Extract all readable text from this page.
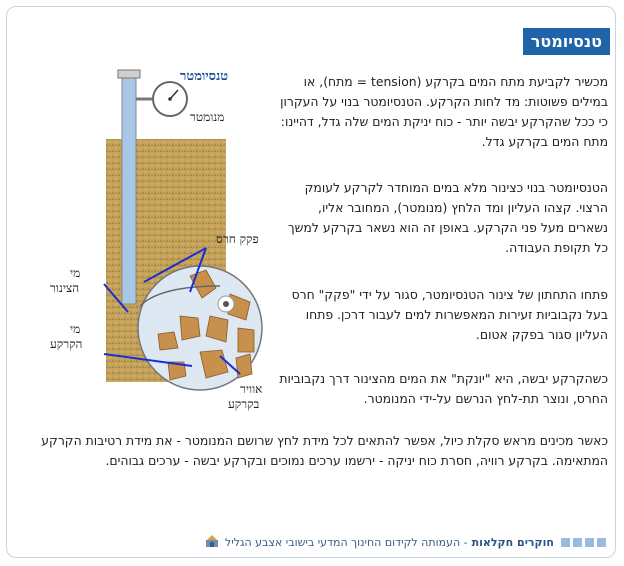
טנסיומטר
מכשיר לקביעת מתח המים בקרקע (tension = מתח), או במילים פשוטות: מד לחות הקרקע. הטנסיומטר בנוי על העקרון כי ככל שהקרקע יבשה יותר - כוח יניקת המים שלה גדל, דהיינו: מתח המים בקרקע גדל.
הטנסיומטר בנוי כצינור מלא במים המוחדר לקרקע לעומק הרצוי. קצהו העליון ומד הלחץ (מנומטר), המחובר אליו, נשארים מעל פני הקרקע. באופן זה הוא נשאר בקרקע למשך כל תקופת העבודה.
פתחו התחתון של צינור הטנסיומטר, סגור על ידי "פקק" חרס בעל נקבוביות זעירות המאפשרות למים לעבור דרכן. פתחו העליון סגור בפקק אטום.
כשהקרקע יבשה, היא "יונקת" את המים מהצינור דרך נקבוביות החרס, ונוצר תת-לחץ הנרשם על-ידי המנומטר.
כאשר מכינים מראש סקלת כיול, אפשר להתאים לכל מידת לחץ שרושם המנומטר - את מידת רטיבות הקרקע המתאימה. בקרקע רוויה, חסרת כוח יניקה - ירשמו ערכים נמוכים ובקרקע יבשה - ערכים גבוהים.
טנסיומטר
מנומטר
פקק חרס
מי
הצינור
מי
הקרקע
אוויר
בקרקע
חוקרים חקלאות
- העמותה לקידום החינוך המדעי בישובי אצבע הגליל
